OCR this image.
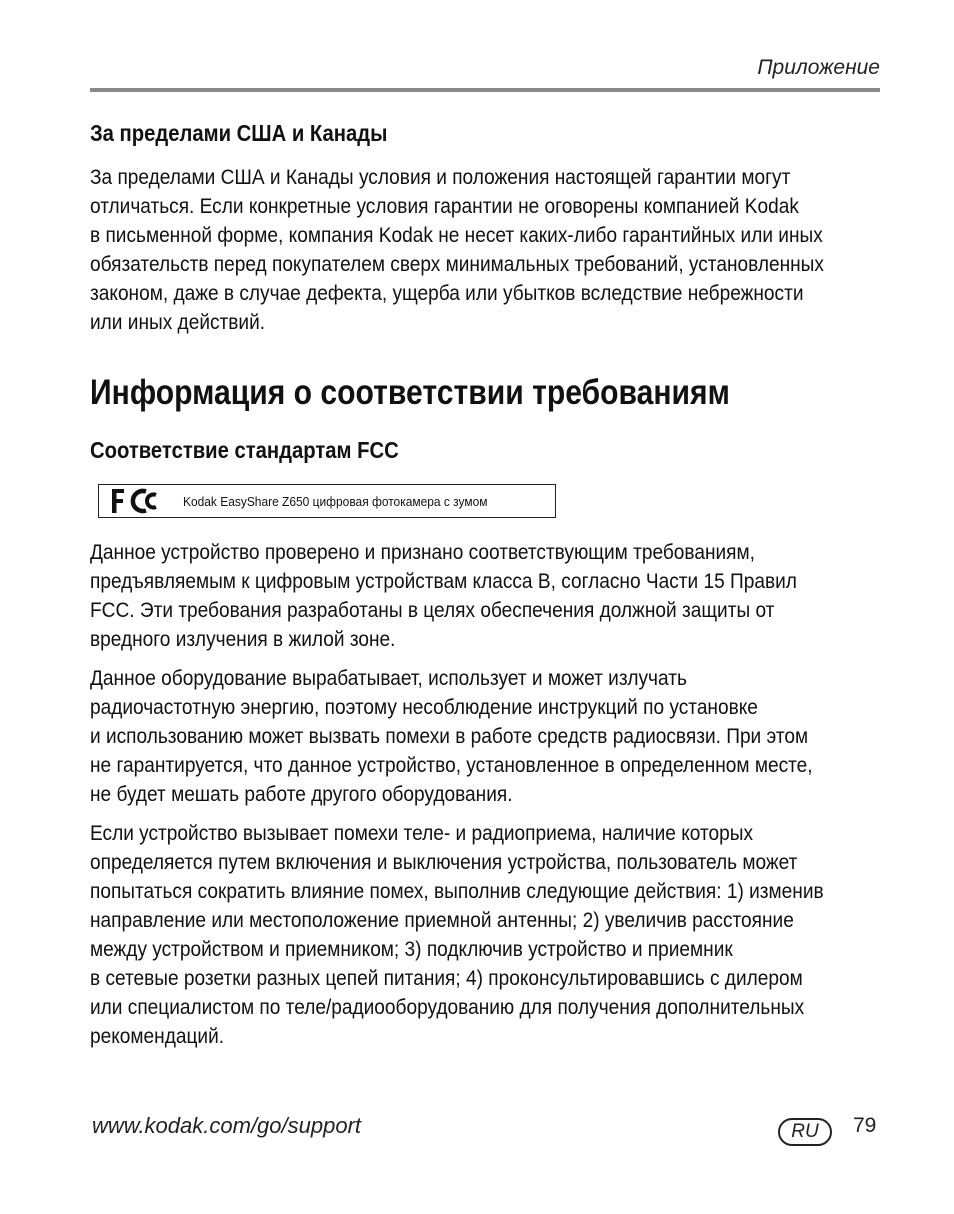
Приложение
За пределами США и Канады

За пределами США и Канады условия и положения настоящей гарантии могут
отличаться. Если конкретные условия гарантии не оговорены компанией Kodak
в письменной форме, компания Kodak не несет каких-либо гарантийных или иных
обязательств перед покупателем сверх минимальных требований, установленных
законом, даже в случае дефекта, ущерба или убытков вследствие небрежности
или иных действий.

Информация о соответствии требованиям
Соответствие стандартам FCC
Kodak EasyShare Z650 цифровая фотокамера с зумом

Данное устройство проверено и признано соответствующим требованиям,
предъявляемым к цифровым устройствам класса B, согласно Части 15 Правил
FCC. Эти требования разработаны в целях обеспечения должной защиты от
вредного излучения в жилой зоне.

Данное оборудование вырабатывает, использует и может излучать
радиочастотную энергию, поэтому несоблюдение инструкций по установке
и использованию может вызвать помехи в работе средств радиосвязи. При этом
не гарантируется, что данное устройство, установленное в определенном месте,
не будет мешать работе другого оборудования.

Если устройство вызывает помехи теле- и радиоприема, наличие которых
определяется путем включения и выключения устройства, пользователь может
попытаться сократить влияние помех, выполнив следующие действия: 1) изменив
направление или местоположение приемной антенны; 2) увеличив расстояние
между устройством и приемником; 3) подключив устройство и приемник
в сетевые розетки разных цепей питания; 4) проконсультировавшись с дилером
или специалистом по теле/радиооборудованию для получения дополнительных
рекомендаций.

www.kodak.com/go/support	RU	79
